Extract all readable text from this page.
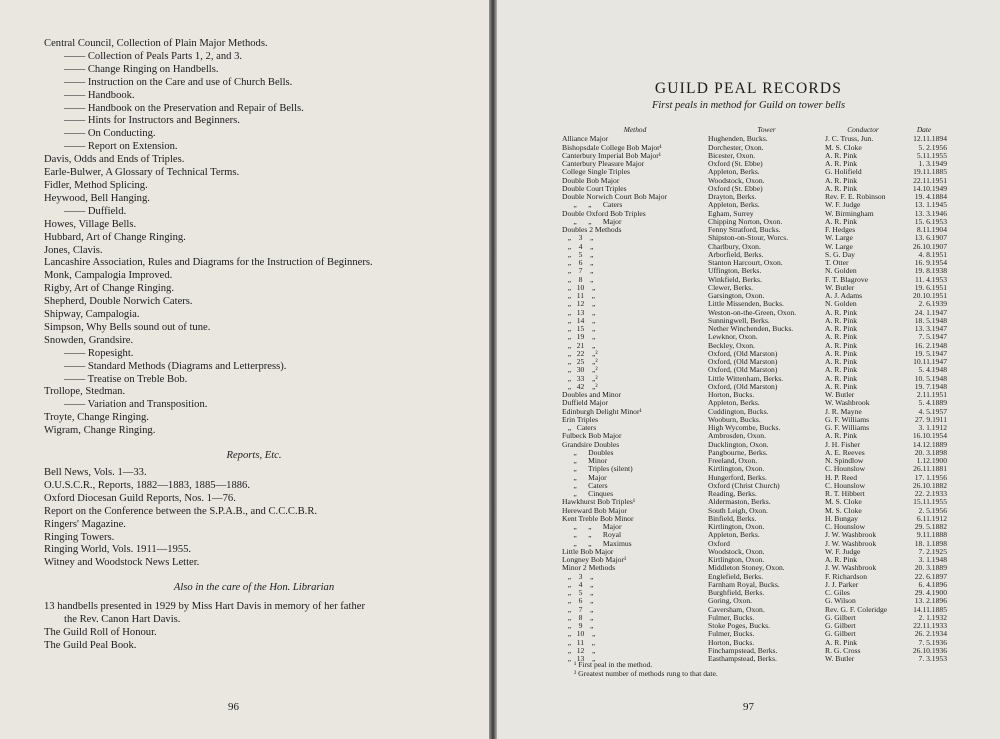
Central Council, Collection of Plain Major Methods.
—— Collection of Peals Parts 1, 2, and 3.
—— Change Ringing on Handbells.
—— Instruction on the Care and use of Church Bells.
—— Handbook.
—— Handbook on the Preservation and Repair of Bells.
—— Hints for Instructors and Beginners.
—— On Conducting.
—— Report on Extension.
Davis, Odds and Ends of Triples.
Earle-Bulwer, A Glossary of Technical Terms.
Fidler, Method Splicing.
Heywood, Bell Hanging.
—— Duffield.
Howes, Village Bells.
Hubbard, Art of Change Ringing.
Jones, Clavis.
Lancashire Association, Rules and Diagrams for the Instruction of Beginners.
Monk, Campalogia Improved.
Rigby, Art of Change Ringing.
Shepherd, Double Norwich Caters.
Shipway, Campalogia.
Simpson, Why Bells sound out of tune.
Snowden, Grandsire.
—— Ropesight.
—— Standard Methods (Diagrams and Letterpress).
—— Treatise on Treble Bob.
Trollope, Stedman.
—— Variation and Transposition.
Troyte, Change Ringing.
Wigram, Change Ringing.
Reports, Etc.
Bell News, Vols. 1—33.
O.U.S.C.R., Reports, 1882—1883, 1885—1886.
Oxford Diocesan Guild Reports, Nos. 1—76.
Report on the Conference between the S.P.A.B., and C.C.C.B.R.
Ringers' Magazine.
Ringing Towers.
Ringing World, Vols. 1911—1955.
Witney and Woodstock News Letter.
Also in the care of the Hon. Librarian
13 handbells presented in 1929 by Miss Hart Davis in memory of her father
the Rev. Canon Hart Davis.
The Guild Roll of Honour.
The Guild Peal Book.
96
GUILD PEAL RECORDS
First peals in method for Guild on tower bells
Method	Tower	Conductor	Date
Alliance Major	Hughenden, Bucks.	J. C. Truss, Jun.	12.11.1894
Bishopsdale College Bob Major¹	Dorchester, Oxon.	M. S. Cloke	5. 2.1956
Canterbury Imperial Bob Major¹	Bicester, Oxon.	A. R. Pink	5.11.1955
Canterbury Pleasure Major	Oxford (St. Ebbe)	A. R. Pink	1. 3.1949
College Single Triples	Appleton, Berks.	G. Holifield	19.11.1885
Double Bob Major	Woodstock, Oxon.	A. R. Pink	22.11.1951
Double Court Triples	Oxford (St. Ebbe)	A. R. Pink	14.10.1949
Double Norwich Court Bob Major	Drayton, Berks.	Rev. F. E. Robinson	19. 4.1884
„      „      Caters	Appleton, Berks.	W. F. Judge	13. 1.1945
Double Oxford Bob Triples	Egham, Surrey	W. Birmingham	13. 3.1946
„      „      Major	Chipping Norton, Oxon.	A. R. Pink	15. 6.1953
Doubles 2 Methods	Fenny Stratford, Bucks.	F. Hedges	8.11.1904
„    3    „	Shipston-on-Stour, Worcs.	W. Large	13. 6.1907
„    4    „	Charlbury, Oxon.	W. Large	26.10.1907
„    5    „	Arborfield, Berks.	S. G. Day	4. 8.1951
„    6    „	Stanton Harcourt, Oxon.	T. Otter	16. 9.1954
„    7    „	Uffington, Berks.	N. Golden	19. 8.1938
„    8    „	Winkfield, Berks.	F. T. Blagrove	11. 4.1953
„   10    „	Clewer, Berks.	W. Butler	19. 6.1951
„   11    „	Garsington, Oxon.	A. J. Adams	20.10.1951
„   12    „	Little Missenden, Bucks.	N. Golden	2. 6.1939
„   13    „	Weston-on-the-Green, Oxon.	A. R. Pink	24. 1.1947
„   14    „	Sunningwell, Berks.	A. R. Pink	18. 5.1948
„   15    „	Nether Winchenden, Bucks.	A. R. Pink	13. 3.1947
„   19    „	Lewknor, Oxon.	A. R. Pink	7. 5.1947
„   21    „	Beckley, Oxon.	A. R. Pink	16. 2.1948
„   22    „²	Oxford, (Old Marston)	A. R. Pink	19. 5.1947
„   25    „²	Oxford, (Old Marston)	A. R. Pink	10.11.1947
„   30    „²	Oxford, (Old Marston)	A. R. Pink	5. 4.1948
„   33    „²	Little Wittenham, Berks.	A. R. Pink	10. 5.1948
„   42    „²	Oxford, (Old Marston)	A. R. Pink	19. 7.1948
Doubles and Minor	Horton, Bucks.	W. Butler	2.11.1951
Duffield Major	Appleton, Berks.	W. Washbrook	5. 4.1889
Edinburgh Delight Minor¹	Cuddington, Bucks.	J. R. Mayne	4. 5.1957
Erin Triples	Wooburn, Bucks.	G. F. Williams	27. 9.1911
„   Caters	High Wycombe, Bucks.	G. F. Williams	3. 1.1912
Fulbeck Bob Major	Ambrosden, Oxon.	A. R. Pink	16.10.1954
Grandsire Doubles	Ducklington, Oxon.	J. H. Fisher	14.12.1889
„      Doubles	Pangbourne, Berks.	A. E. Reeves	20. 3.1898
„      Minor	Freeland, Oxon.	N. Spindlow	1.12.1900
„      Triples (silent)	Kirtlington, Oxon.	C. Hounslow	26.11.1881
„      Major	Hungerford, Berks.	H. P. Reed	17. 1.1956
„      Caters	Oxford (Christ Church)	C. Hounslow	26.10.1882
„      Cinques	Reading, Berks.	R. T. Hibbert	22. 2.1933
Hawkhurst Bob Triples¹	Aldermaston, Berks.	M. S. Cloke	15.11.1955
Hereward Bob Major	South Leigh, Oxon.	M. S. Cloke	2. 5.1956
Kent Treble Bob Minor	Binfield, Berks.	H. Bungay	6.11.1912
„      „      Major	Kirtlington, Oxon.	C. Hounslow	29. 5.1882
„      „      Royal	Appleton, Berks.	J. W. Washbrook	9.11.1888
„      „      Maximus	Oxford	J. W. Washbrook	18. 1.1898
Little Bob Major	Woodstock, Oxon.	W. F. Judge	7. 2.1925
Longney Bob Major¹	Kirtlington, Oxon.	A. R. Pink	3. 1.1948
Minor 2 Methods	Middleton Stoney, Oxon.	J. W. Washbrook	20. 3.1889
„    3    „	Englefield, Berks.	F. Richardson	22. 6.1897
„    4    „	Farnham Royal, Bucks.	J. J. Parker	6. 4.1896
„    5    „	Burghfield, Berks.	C. Giles	29. 4.1900
„    6    „	Goring, Oxon.	G. Wilson	13. 2.1896
„    7    „	Caversham, Oxon.	Rev. G. F. Coleridge	14.11.1885
„    8    „	Fulmer, Bucks.	G. Gilbert	2. 1.1932
„    9    „	Stoke Poges, Bucks.	G. Gilbert	22.11.1933
„   10    „	Fulmer, Bucks.	G. Gilbert	26. 2.1934
„   11    „	Horton, Bucks.	A. R. Pink	7. 5.1936
„   12    „	Finchampstead, Berks.	R. G. Cross	26.10.1936
„   13    „	Easthampstead, Berks.	W. Butler	7. 3.1953
¹ First peal in the method.
² Greatest number of methods rung to that date.
97
